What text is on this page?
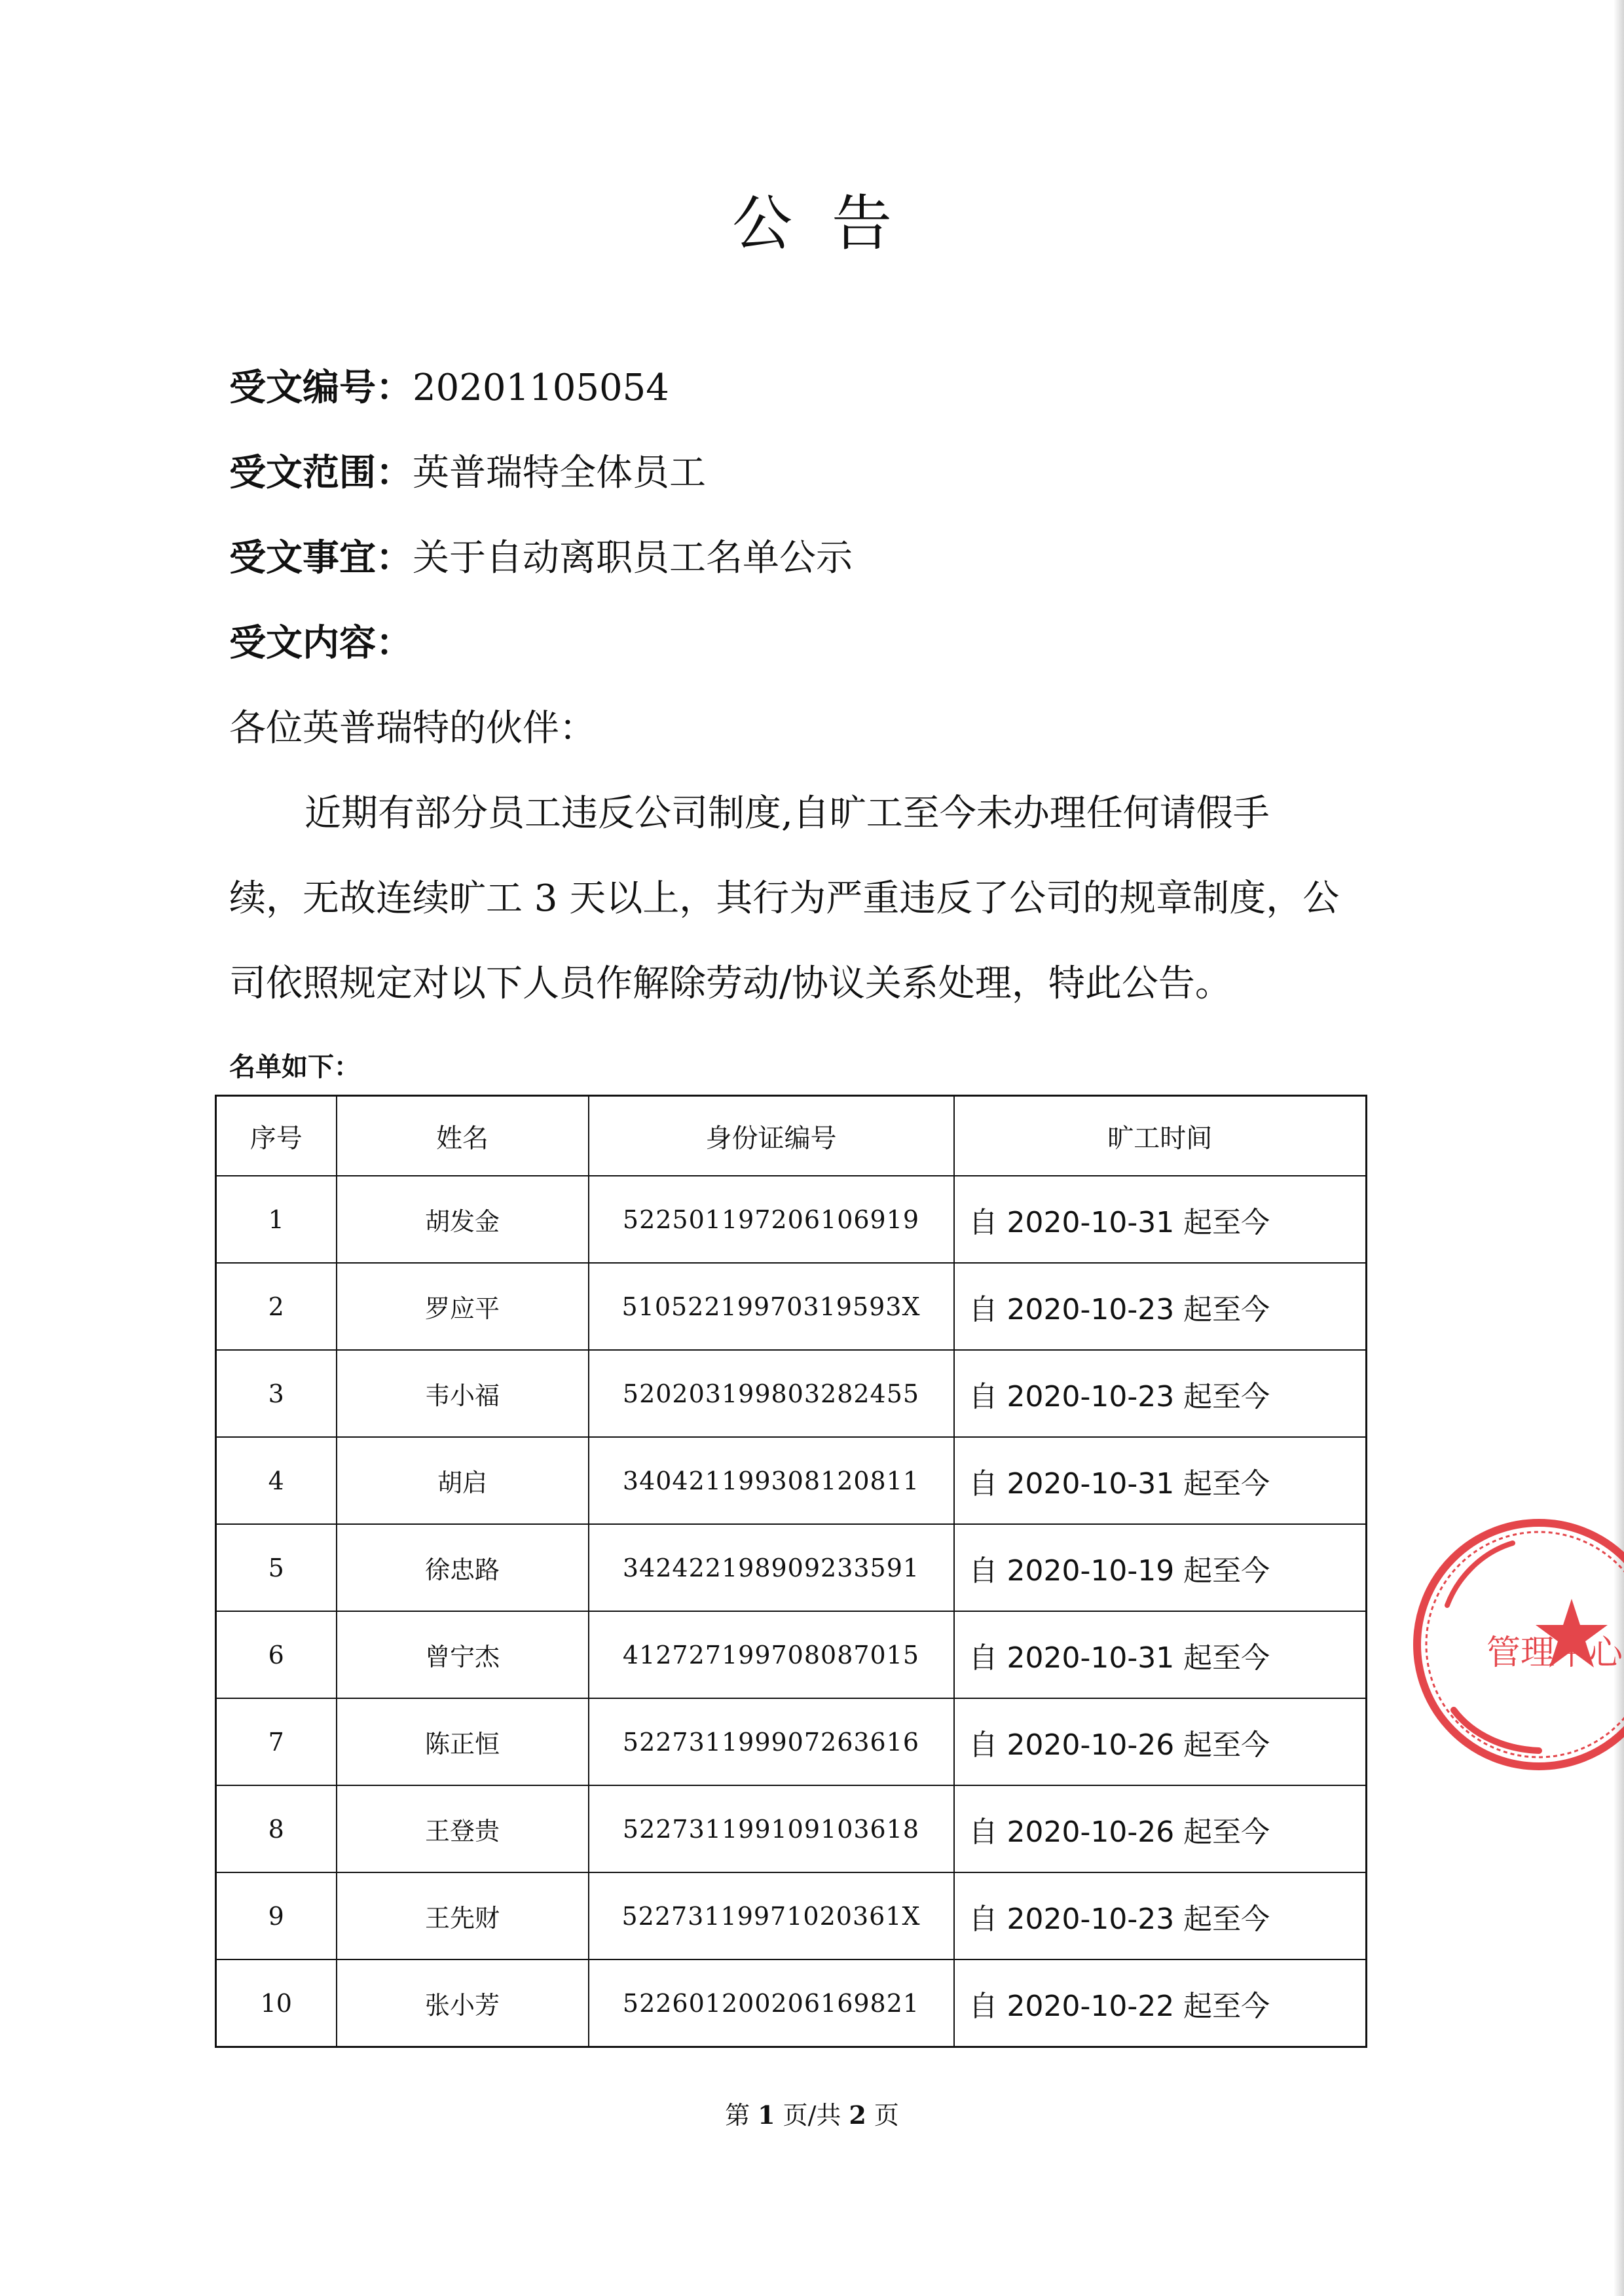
公告
受文编号：20201105054
受文范围：英普瑞特全体员工
受文事宜：关于自动离职员工名单公示
受文内容：
各位英普瑞特的伙伴：
近期有部分员工违反公司制度,自旷工至今未办理任何请假手
续，无故连续旷工 3 天以上，其行为严重违反了公司的规章制度，公
司依照规定对以下人员作解除劳动/协议关系处理，特此公告。
名单如下：
序号	姓名	身份证编号	旷工时间
1	胡发金	522501197206106919	自 2020-10-31 起至今
2	罗应平	51052219970319593X	自 2020-10-23 起至今
3	韦小福	520203199803282455	自 2020-10-23 起至今
4	胡启	340421199308120811	自 2020-10-31 起至今
5	徐忠路	342422198909233591	自 2020-10-19 起至今
6	曾宁杰	412727199708087015	自 2020-10-31 起至今
7	陈正恒	522731199907263616	自 2020-10-26 起至今
8	王登贵	522731199109103618	自 2020-10-26 起至今
9	王先财	52273119971020361X	自 2020-10-23 起至今
10	张小芳	522601200206169821	自 2020-10-22 起至今
第 1 页/共 2 页
管理中心
